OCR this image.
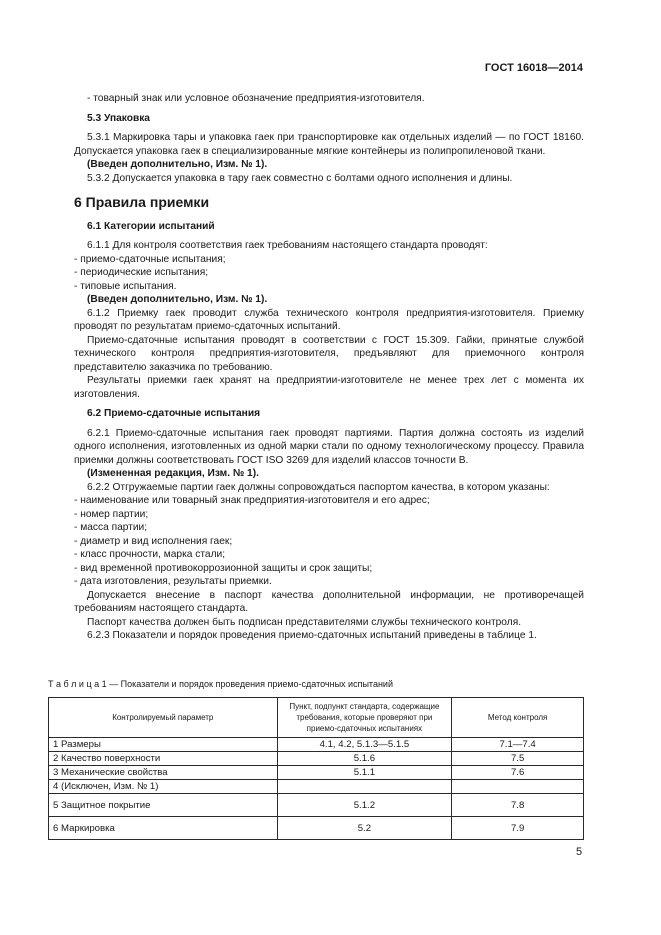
ГОСТ 16018—2014

- товарный знак или условное обозначение предприятия-изготовителя.

5.3 Упаковка

5.3.1 Маркировка тары и упаковка гаек при транспортировке как отдельных изделий — по ГОСТ 18160. Допускается упаковка гаек в специализированные мягкие контейнеры из полипропиленовой ткани.

(Введен дополнительно, Изм. № 1).

5.3.2 Допускается упаковка в тару гаек совместно с болтами одного исполнения и длины.

6 Правила приемки

6.1 Категории испытаний

6.1.1 Для контроля соответствия гаек требованиям настоящего стандарта проводят:

- приемо-сдаточные испытания;

- периодические испытания;

- типовые испытания.

(Введен дополнительно, Изм. № 1).

6.1.2 Приемку гаек проводит служба технического контроля предприятия-изготовителя. Приемку проводят по результатам приемо-сдаточных испытаний.

Приемо-сдаточные испытания проводят в соответствии с ГОСТ 15.309. Гайки, принятые службой технического контроля предприятия-изготовителя, предъявляют для приемочного контроля представителю заказчика по требованию.

Результаты приемки гаек хранят на предприятии-изготовителе не менее трех лет с момента их изготовления.

6.2 Приемо-сдаточные испытания

6.2.1 Приемо-сдаточные испытания гаек проводят партиями. Партия должна состоять из изделий одного исполнения, изготовленных из одной марки стали по одному технологическому процессу. Правила приемки должны соответствовать ГОСТ ISO 3269 для изделий классов точности В.

(Измененная редакция, Изм. № 1).

6.2.2 Отгружаемые партии гаек должны сопровождаться паспортом качества, в котором указаны:

- наименование или товарный знак предприятия-изготовителя и его адрес;

- номер партии;

- масса партии;

- диаметр и вид исполнения гаек;

- класс прочности, марка стали;

- вид временной противокоррозионной защиты и срок защиты;

- дата изготовления, результаты приемки.

Допускается внесение в паспорт качества дополнительной информации, не противоречащей требованиям настоящего стандарта.

Паспорт качества должен быть подписан представителями службы технического контроля.

6.2.3 Показатели и порядок проведения приемо-сдаточных испытаний приведены в таблице 1.

Т а б л и ц а 1 — Показатели и порядок проведения приемо-сдаточных испытаний
Контролируемый параметр	Пункт, подпункт стандарта, содержащие требования, которые проверяют при приемо-сдаточных испытаниях	Метод контроля
1 Размеры	4.1, 4.2, 5.1.3—5.1.5	7.1—7.4
2 Качество поверхности	5.1.6	7.5
3 Механические свойства	5.1.1	7.6
4 (Исключен, Изм. № 1)		
5 Защитное покрытие	5.1.2	7.8
6 Маркировка	5.2	7.9
5
